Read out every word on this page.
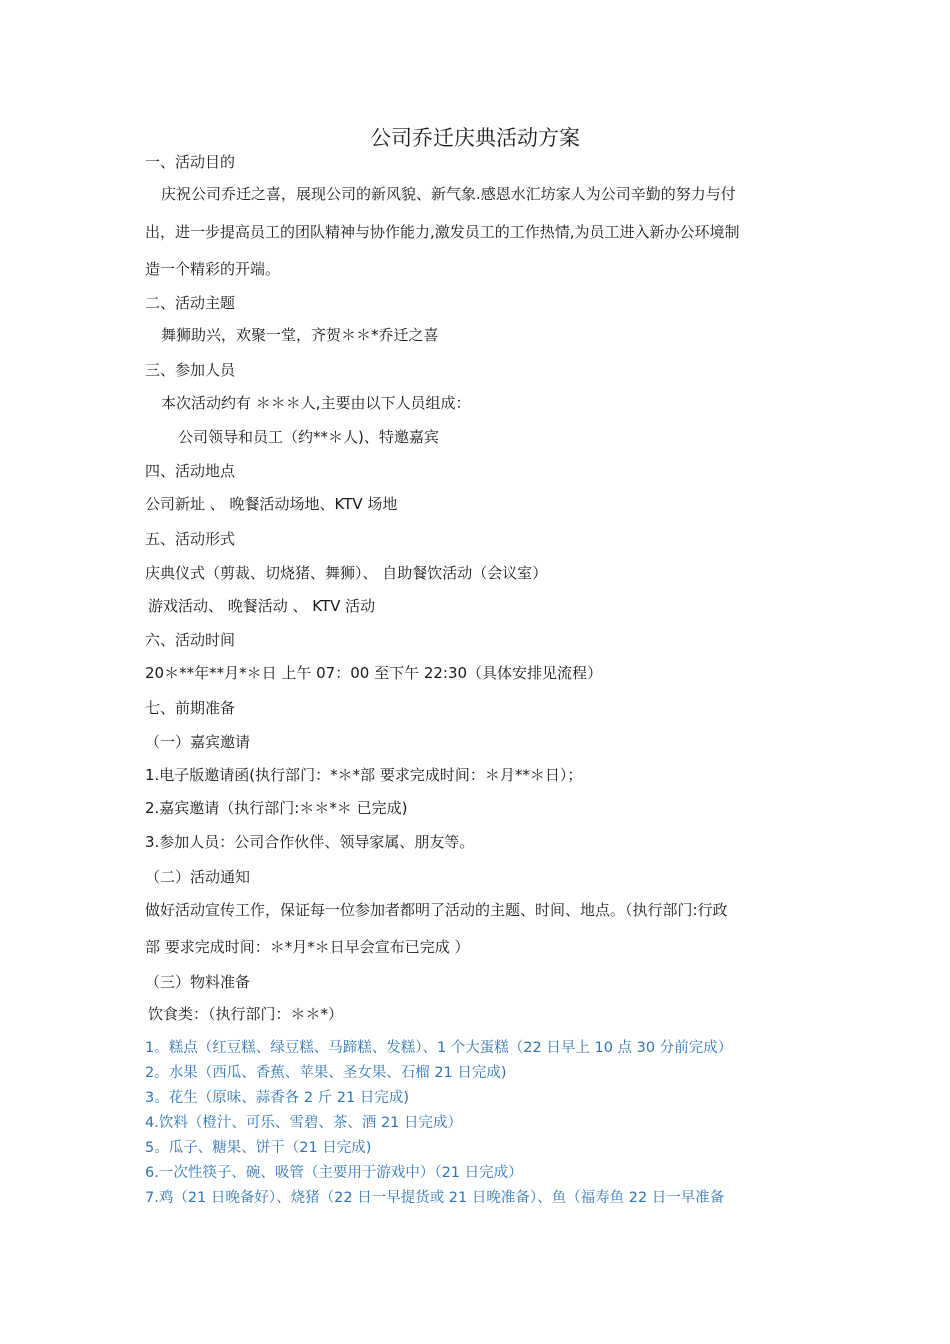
公司乔迁庆典活动方案
一、活动目的
庆祝公司乔迁之喜，展现公司的新风貌、新气象.感恩水汇坊家人为公司辛勤的努力与付
出，进一步提高员工的团队精神与协作能力,激发员工的工作热情,为员工进入新办公环境制
造一个精彩的开端。
二、活动主题
舞狮助兴，欢聚一堂，齐贺＊＊*乔迁之喜
三、参加人员
本次活动约有 ＊＊＊人,主要由以下人员组成：
公司领导和员工（约**＊人)、特邀嘉宾
四、活动地点
公司新址 、 晚餐活动场地、KTV 场地
五、活动形式
庆典仪式（剪裁、切烧猪、舞狮）、 自助餐饮活动（会议室）
游戏活动、 晚餐活动 、 KTV 活动
六、活动时间
20＊**年**月*＊日 上午 07：00 至下午 22:30（具体安排见流程）
七、前期准备
（一）嘉宾邀请
1.电子版邀请函(执行部门：*＊*部 要求完成时间：＊月**＊日）；
2.嘉宾邀请（执行部门:＊＊*＊ 已完成)
3.参加人员：公司合作伙伴、领导家属、朋友等。
（二）活动通知
做好活动宣传工作，保证每一位参加者都明了活动的主题、时间、地点。（执行部门:行政
部 要求完成时间：＊*月*＊日早会宣布已完成 ）
（三）物料准备
饮食类：（执行部门：＊＊*）
1。糕点（红豆糕、绿豆糕、马蹄糕、发糕）、1 个大蛋糕（22 日早上 10 点 30 分前完成）
2。水果（西瓜、香蕉、苹果、圣女果、石榴 21 日完成)
3。花生（原味、蒜香各 2 斤 21 日完成)
4.饮料（橙汁、可乐、雪碧、茶、酒 21 日完成）
5。瓜子、糖果、饼干（21 日完成)
6.一次性筷子、碗、吸管（主要用于游戏中）（21 日完成）
7.鸡（21 日晚备好）、烧猪（22 日一早提货或 21 日晚准备）、鱼（福寿鱼 22 日一早准备
